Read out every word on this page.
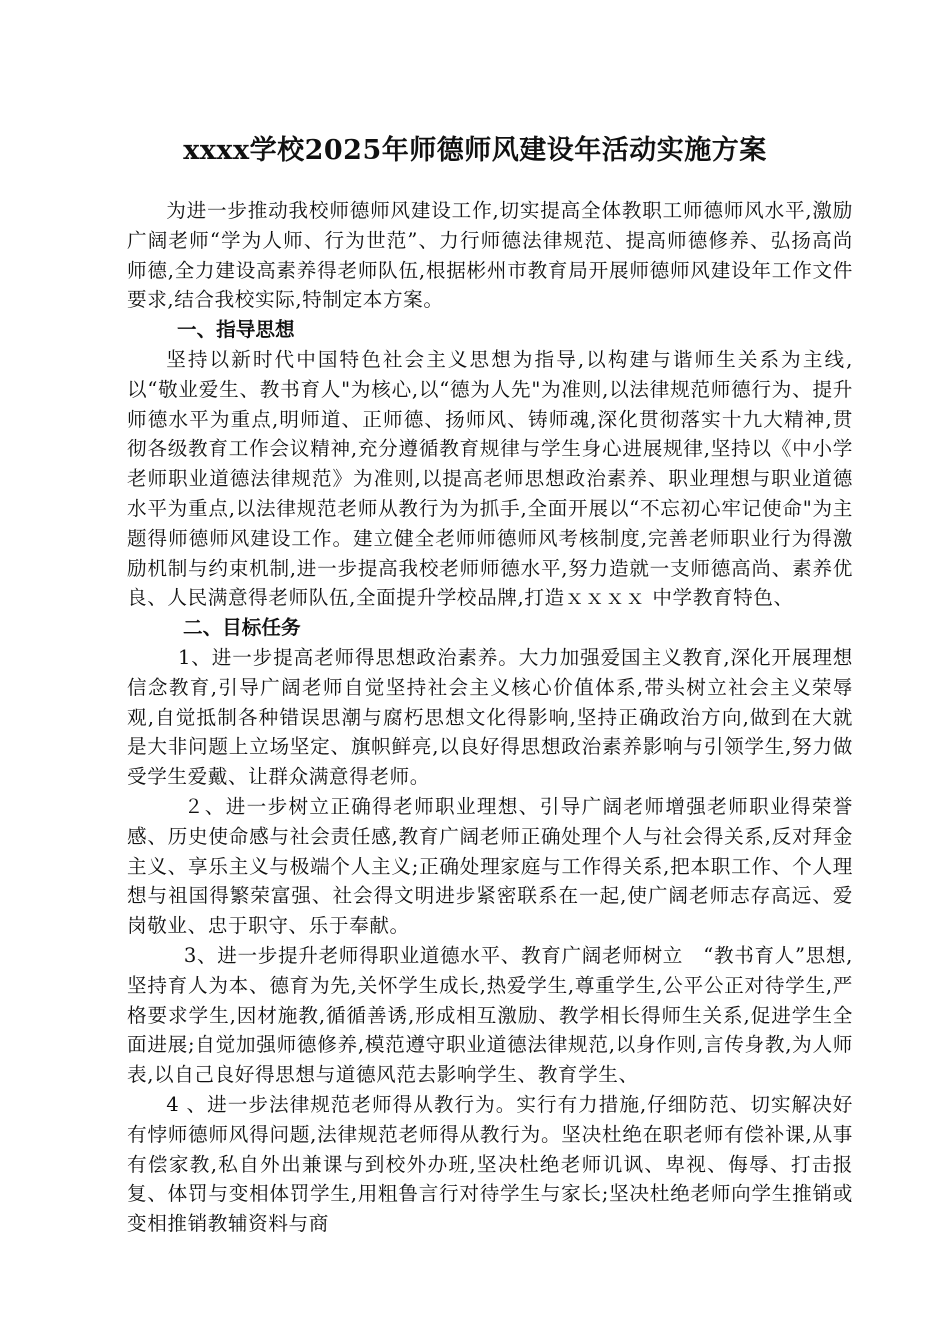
xxxx学校2025年师德师风建设年活动实施方案

为进一步推动我校师德师风建设工作,切实提高全体教职工师德师风水平,激励广阔老师“学为人师、行为世范”、力行师德法律规范、提高师德修养、弘扬高尚师德,全力建设高素养得老师队伍,根据彬州市教育局开展师德师风建设年工作文件要求,结合我校实际,特制定本方案。

一、指导思想

坚持以新时代中国特色社会主义思想为指导,以构建与谐师生关系为主线,以“敬业爱生、教书育人"为核心,以“德为人先"为准则,以法律规范师德行为、提升师德水平为重点,明师道、正师德、扬师风、铸师魂,深化贯彻落实十九大精神,贯彻各级教育工作会议精神,充分遵循教育规律与学生身心进展规律,坚持以《中小学老师职业道德法律规范》为准则,以提高老师思想政治素养、职业理想与职业道德水平为重点,以法律规范老师从教行为为抓手,全面开展以“不忘初心牢记使命"为主题得师德师风建设工作。建立健全老师师德师风考核制度,完善老师职业行为得激励机制与约束机制,进一步提高我校老师师德水平,努力造就一支师德高尚、素养优良、人民满意得老师队伍,全面提升学校品牌,打造ｘｘｘｘ 中学教育特色、

二、目标任务

1、进一步提高老师得思想政治素养。大力加强爱国主义教育,深化开展理想信念教育,引导广阔老师自觉坚持社会主义核心价值体系,带头树立社会主义荣辱观,自觉抵制各种错误思潮与腐朽思想文化得影响,坚持正确政治方向,做到在大就是大非问题上立场坚定、旗帜鲜亮,以良好得思想政治素养影响与引领学生,努力做受学生爱戴、让群众满意得老师。

２、进一步树立正确得老师职业理想、引导广阔老师增强老师职业得荣誉感、历史使命感与社会责任感,教育广阔老师正确处理个人与社会得关系,反对拜金主义、享乐主义与极端个人主义;正确处理家庭与工作得关系,把本职工作、个人理想与祖国得繁荣富强、社会得文明进步紧密联系在一起,使广阔老师志存高远、爱岗敬业、忠于职守、乐于奉献。

3、进一步提升老师得职业道德水平、教育广阔老师树立　“教书育人”思想,坚持育人为本、德育为先,关怀学生成长,热爱学生,尊重学生,公平公正对待学生,严格要求学生,因材施教,循循善诱,形成相互激励、教学相长得师生关系,促进学生全面进展;自觉加强师德修养,模范遵守职业道德法律规范,以身作则,言传身教,为人师表,以自己良好得思想与道德风范去影响学生、教育学生、

4 、进一步法律规范老师得从教行为。实行有力措施,仔细防范、切实解决好有悖师德师风得问题,法律规范老师得从教行为。坚决杜绝在职老师有偿补课,从事有偿家教,私自外出兼课与到校外办班,坚决杜绝老师讥讽、卑视、侮辱、打击报复、体罚与变相体罚学生,用粗鲁言行对待学生与家长;坚决杜绝老师向学生推销或变相推销教辅资料与商
